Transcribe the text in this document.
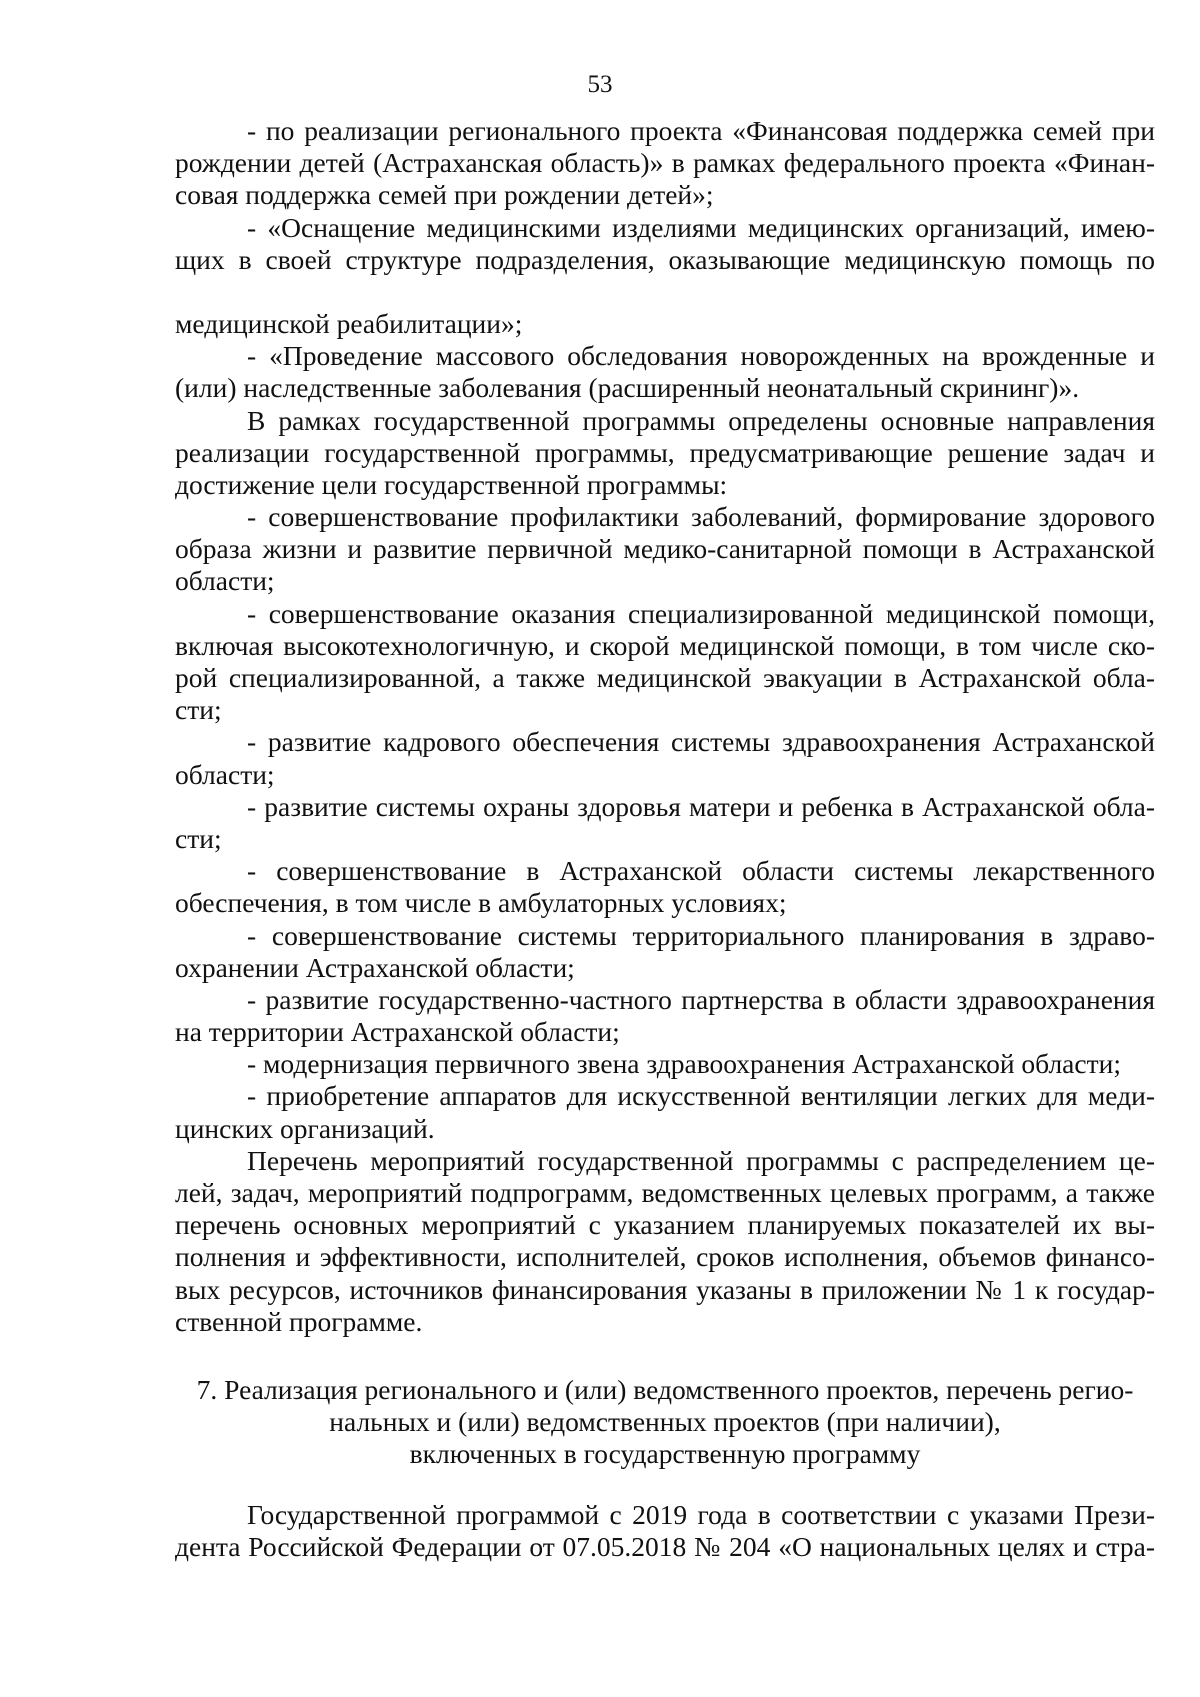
53
- по реализации регионального проекта «Финансовая поддержка семей при
рождении детей (Астраханская область)» в рамках федерального проекта «Финан-
совая поддержка семей при рождении детей»;
- «Оснащение медицинскими изделиями медицинских организаций, имею-
щих в своей структуре подразделения, оказывающие медицинскую помощь по
медицинской реабилитации»;
- «Проведение массового обследования новорожденных на врожденные и
(или) наследственные заболевания (расширенный неонатальный скрининг)».
В рамках государственной программы определены основные направления
реализации государственной программы, предусматривающие решение задач и
достижение цели государственной программы:
- совершенствование профилактики заболеваний, формирование здорового
образа жизни и развитие первичной медико-санитарной помощи в Астраханской
области;
- совершенствование оказания специализированной медицинской помощи,
включая высокотехнологичную, и скорой медицинской помощи, в том числе ско-
рой специализированной, а также медицинской эвакуации в Астраханской обла-
сти;
- развитие кадрового обеспечения системы здравоохранения Астраханской
области;
- развитие системы охраны здоровья матери и ребенка в Астраханской обла-
сти;
- совершенствование в Астраханской области системы лекарственного
обеспечения, в том числе в амбулаторных условиях;
- совершенствование системы территориального планирования в здраво-
охранении Астраханской области;
- развитие государственно-частного партнерства в области здравоохранения
на территории Астраханской области;
- модернизация первичного звена здравоохранения Астраханской области;
- приобретение аппаратов для искусственной вентиляции легких для меди-
цинских организаций.
Перечень мероприятий государственной программы с распределением це-
лей, задач, мероприятий подпрограмм, ведомственных целевых программ, а также
перечень основных мероприятий с указанием планируемых показателей их вы-
полнения и эффективности, исполнителей, сроков исполнения, объемов финансо-
вых ресурсов, источников финансирования указаны в приложении № 1 к государ-
ственной программе.
7. Реализация регионального и (или) ведомственного проектов, перечень регио-
нальных и (или) ведомственных проектов (при наличии),
включенных в государственную программу
Государственной программой с 2019 года в соответствии с указами Прези-
дента Российской Федерации от 07.05.2018 № 204 «О национальных целях и стра-
